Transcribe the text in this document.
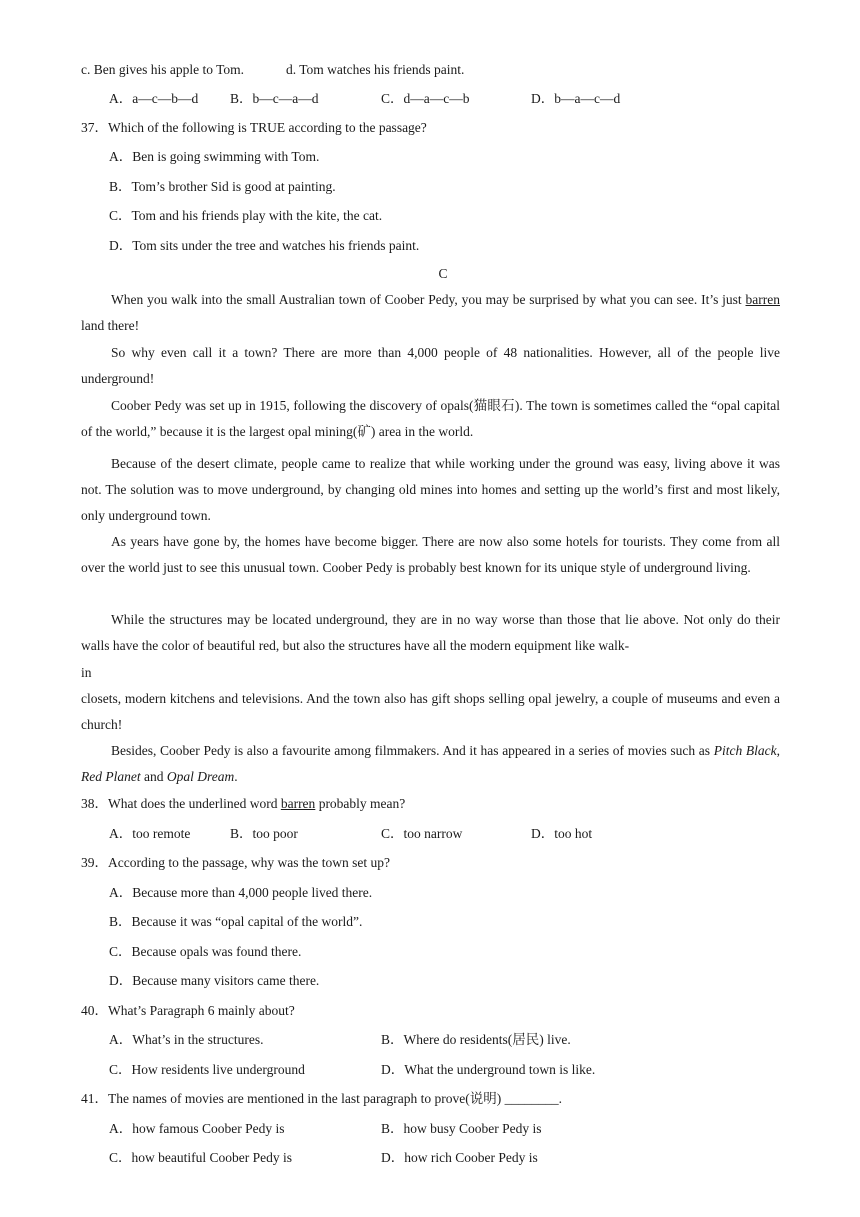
c. Ben gives his apple to Tom.	d. Tom watches his friends paint.
A．a—c—b—d B．b—c—a—d	C．d—a—c—b	D．b—a—c—d
37．Which of the following is TRUE according to the passage?
A．Ben is going swimming with Tom.
B．Tom’s brother Sid is good at painting.
C．Tom and his friends play with the kite, the cat.
D．Tom sits under the tree and watches his friends paint.
C
When you walk into the small Australian town of Coober Pedy, you may be surprised by what you can see. It’s just barren land there!
So why even call it a town? There are more than 4,000 people of 48 nationalities. However, all of the people live underground!
Coober Pedy was set up in 1915, following the discovery of opals(猫眼石). The town is sometimes called the “opal capital of the world,” because it is the largest opal mining(矿) area in the world.
Because of the desert climate, people came to realize that while working under the ground was easy, living above it was not. The solution was to move underground, by changing old mines into homes and setting up the world’s first and most likely, only underground town.
As years have gone by, the homes have become bigger. There are now also some hotels for tourists. They come from all over the world just to see this unusual town. Coober Pedy is probably best known for its unique style of underground living.
While the structures may be located underground, they are in no way worse than those that lie above. Not only do their walls have the color of beautiful red, but also the structures have all the modern equipment like walk-
in
closets, modern kitchens and televisions. And the town also has gift shops selling opal jewelry, a couple of museums and even a church!
Besides, Coober Pedy is also a favourite among filmmakers. And it has appeared in a series of movies such as Pitch Black, Red Planet and Opal Dream.
38．What does the underlined word barren probably mean?
A．too remote	B．too poor	C．too narrow	D．too hot
39．According to the passage, why was the town set up?
A．Because more than 4,000 people lived there.
B．Because it was “opal capital of the world”.
C．Because opals was found there.
D．Because many visitors came there.
40．What’s Paragraph 6 mainly about?
A．What’s in the structures.	B．Where do residents(居民) live.
C．How residents live underground	D．What the underground town is like.
41．The names of movies are mentioned in the last paragraph to prove(说明) ________.
A．how famous Coober Pedy is	B．how busy Coober Pedy is
C．how beautiful Coober Pedy is	D．how rich Coober Pedy is
